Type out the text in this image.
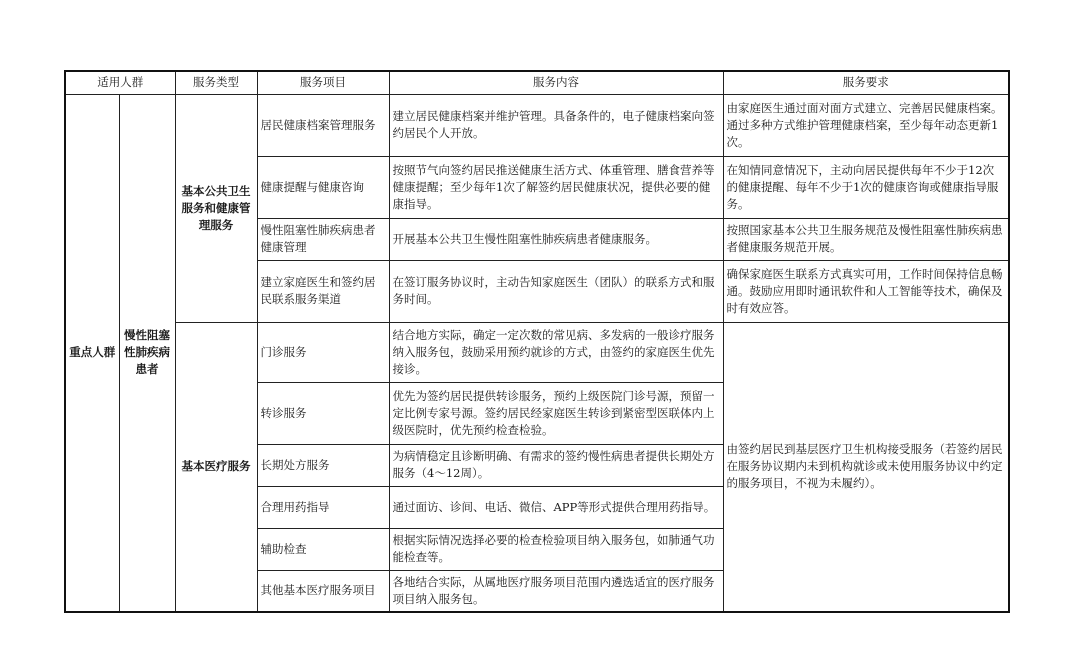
适用人群		服务类型	服务项目	服务内容	服务要求
重点人群	慢性阻塞性肺疾病患者	基本公共卫生服务和健康管理服务	居民健康档案管理服务	建立居民健康档案并维护管理。具备条件的，电子健康档案向签约居民个人开放。	由家庭医生通过面对面方式建立、完善居民健康档案。通过多种方式维护管理健康档案，至少每年动态更新1次。
			健康提醒与健康咨询	按照节气向签约居民推送健康生活方式、体重管理、膳食营养等健康提醒；至少每年1次了解签约居民健康状况，提供必要的健康指导。	在知情同意情况下，主动向居民提供每年不少于12次的健康提醒、每年不少于1次的健康咨询或健康指导服务。
			慢性阻塞性肺疾病患者健康管理	开展基本公共卫生慢性阻塞性肺疾病患者健康服务。	按照国家基本公共卫生服务规范及慢性阻塞性肺疾病患者健康服务规范开展。
			建立家庭医生和签约居民联系服务渠道	在签订服务协议时，主动告知家庭医生（团队）的联系方式和服务时间。	确保家庭医生联系方式真实可用，工作时间保持信息畅通。鼓励应用即时通讯软件和人工智能等技术，确保及时有效应答。
		基本医疗服务	门诊服务	结合地方实际，确定一定次数的常见病、多发病的一般诊疗服务纳入服务包，鼓励采用预约就诊的方式，由签约的家庭医生优先接诊。	由签约居民到基层医疗卫生机构接受服务（若签约居民在服务协议期内未到机构就诊或未使用服务协议中约定的服务项目，不视为未履约）。
			转诊服务	优先为签约居民提供转诊服务，预约上级医院门诊号源，预留一定比例专家号源。签约居民经家庭医生转诊到紧密型医联体内上级医院时，优先预约检查检验。	
			长期处方服务	为病情稳定且诊断明确、有需求的签约慢性病患者提供长期处方服务（4～12周）。	
			合理用药指导	通过面访、诊间、电话、微信、APP等形式提供合理用药指导。	
			辅助检查	根据实际情况选择必要的检查检验项目纳入服务包，如肺通气功能检查等。	
			其他基本医疗服务项目	各地结合实际，从属地医疗服务项目范围内遴选适宜的医疗服务项目纳入服务包。	
